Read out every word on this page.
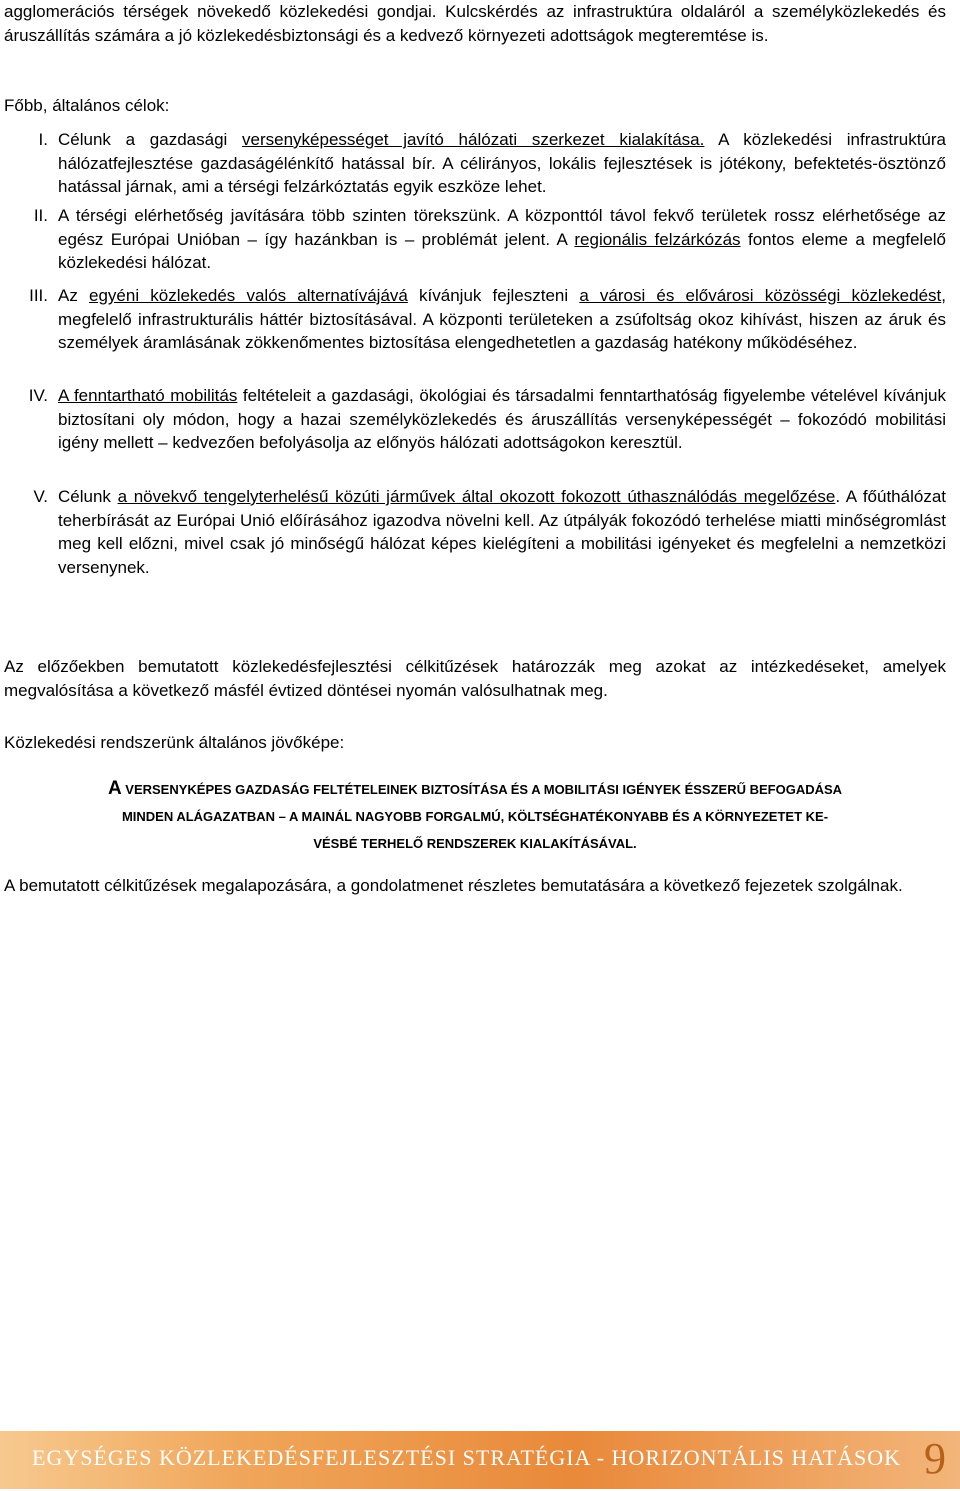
agglomerációs térségek növekedő közlekedési gondjai. Kulcskérdés az infrastruktúra oldaláról a személyközlekedés és áruszállítás számára a jó közlekedésbiztonsági és a kedvező környezeti adottságok megteremtése is.

Főbb, általános célok:

I. Célunk a gazdasági versenyképességet javító hálózati szerkezet kialakítása. A közlekedési infrastruktúra hálózatfejlesztése gazdaságélénkítő hatással bír. A célirányos, lokális fejlesztések is jótékony, befektetés-ösztönző hatással járnak, ami a térségi felzárkóztatás egyik eszköze lehet.

II. A térségi elérhetőség javítására több szinten törekszünk. A központtól távol fekvő területek rossz elérhetősége az egész Európai Unióban – így hazánkban is – problémát jelent. A regionális felzárkózás fontos eleme a megfelelő közlekedési hálózat.

III. Az egyéni közlekedés valós alternatívájává kívánjuk fejleszteni a városi és elővárosi közösségi közlekedést, megfelelő infrastrukturális háttér biztosításával. A központi területeken a zsúfoltság okoz kihívást, hiszen az áruk és személyek áramlásának zökkenőmentes biztosítása elengedhetetlen a gazdaság hatékony működéséhez.

IV. A fenntartható mobilitás feltételeit a gazdasági, ökológiai és társadalmi fenntarthatóság figyelembe vételével kívánjuk biztosítani oly módon, hogy a hazai személyközlekedés és áruszállítás versenyképességét – fokozódó mobilitási igény mellett – kedvezően befolyásolja az előnyös hálózati adottságokon keresztül.

V. Célunk a növekvő tengelyterhelésű közúti járművek által okozott fokozott úthasználódás megelőzése. A főúthálózat teherbírását az Európai Unió előírásához igazodva növelni kell. Az útpályák fokozódó terhelése miatti minőségromlást meg kell előzni, mivel csak jó minőségű hálózat képes kielégíteni a mobilitási igényeket és megfelelni a nemzetközi versenynek.

Az előzőekben bemutatott közlekedésfejlesztési célkitűzések határozzák meg azokat az intézkedéseket, amelyek megvalósítása a következő másfél évtized döntései nyomán valósulhatnak meg.

Közlekedési rendszerünk általános jövőképe:

A VERSENYKÉPES GAZDASÁG FELTÉTELEINEK BIZTOSÍTÁSA ÉS A MOBILITÁSI IGÉNYEK ÉSSZERŰ BEFOGADÁSA
MINDEN ALÁGAZATBAN – A MAINÁL NAGYOBB FORGALMÚ, KÖLTSÉGHATÉKONYABB ÉS A KÖRNYEZETET KE-
VÉSBÉ TERHELŐ RENDSZEREK KIALAKÍTÁSÁVAL.

A bemutatott célkitűzések megalapozására, a gondolatmenet részletes bemutatására a következő fejezetek szolgálnak.

EGYSÉGES KÖZLEKEDÉSFEJLESZTÉSI STRATÉGIA - HORIZONTÁLIS HATÁSOK 9
